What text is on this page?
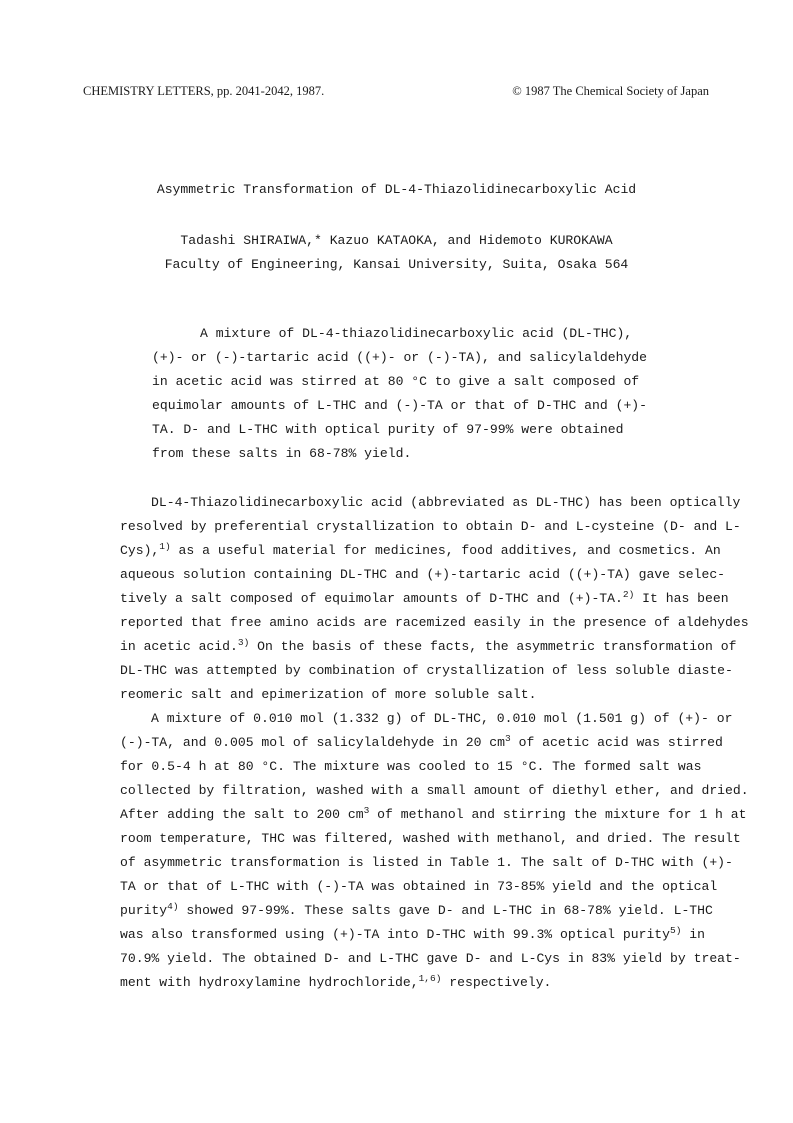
CHEMISTRY LETTERS, pp. 2041-2042, 1987.	© 1987 The Chemical Society of Japan
Asymmetric Transformation of DL-4-Thiazolidinecarboxylic Acid
Tadashi SHIRAIWA,* Kazuo KATAOKA, and Hidemoto KUROKAWA
Faculty of Engineering, Kansai University, Suita, Osaka 564
A mixture of DL-4-thiazolidinecarboxylic acid (DL-THC),
(+)- or (-)-tartaric acid ((+)- or (-)-TA), and salicylaldehyde
in acetic acid was stirred at 80 °C to give a salt composed of
equimolar amounts of L-THC and (-)-TA or that of D-THC and (+)-
TA. D- and L-THC with optical purity of 97-99% were obtained
from these salts in 68-78% yield.
DL-4-Thiazolidinecarboxylic acid (abbreviated as DL-THC) has been optically
resolved by preferential crystallization to obtain D- and L-cysteine (D- and L-
Cys),$^{1)}$ as a useful material for medicines, food additives, and cosmetics. An
aqueous solution containing DL-THC and (+)-tartaric acid ((+)-TA) gave selec-
tively a salt composed of equimolar amounts of D-THC and (+)-TA.$^{2)}$ It has been
reported that free amino acids are racemized easily in the presence of aldehydes
in acetic acid.$^{3)}$ On the basis of these facts, the asymmetric transformation of
DL-THC was attempted by combination of crystallization of less soluble diaste-
reomeric salt and epimerization of more soluble salt.
A mixture of 0.010 mol (1.332 g) of DL-THC, 0.010 mol (1.501 g) of (+)- or
(-)-TA, and 0.005 mol of salicylaldehyde in 20 $cm^3$ of acetic acid was stirred
for 0.5-4 h at 80 °C. The mixture was cooled to 15 °C. The formed salt was
collected by filtration, washed with a small amount of diethyl ether, and dried.
After adding the salt to 200 $cm^3$ of methanol and stirring the mixture for 1 h at
room temperature, THC was filtered, washed with methanol, and dried. The result
of asymmetric transformation is listed in Table 1. The salt of D-THC with (+)-
TA or that of L-THC with (-)-TA was obtained in 73-85% yield and the optical
purity$^{4)}$ showed 97-99%. These salts gave D- and L-THC in 68-78% yield. L-THC
was also transformed using (+)-TA into D-THC with 99.3% optical purity$^{5)}$ in
70.9% yield. The obtained D- and L-THC gave D- and L-Cys in 83% yield by treat-
ment with hydroxylamine hydrochloride,$^{1,6)}$ respectively.
